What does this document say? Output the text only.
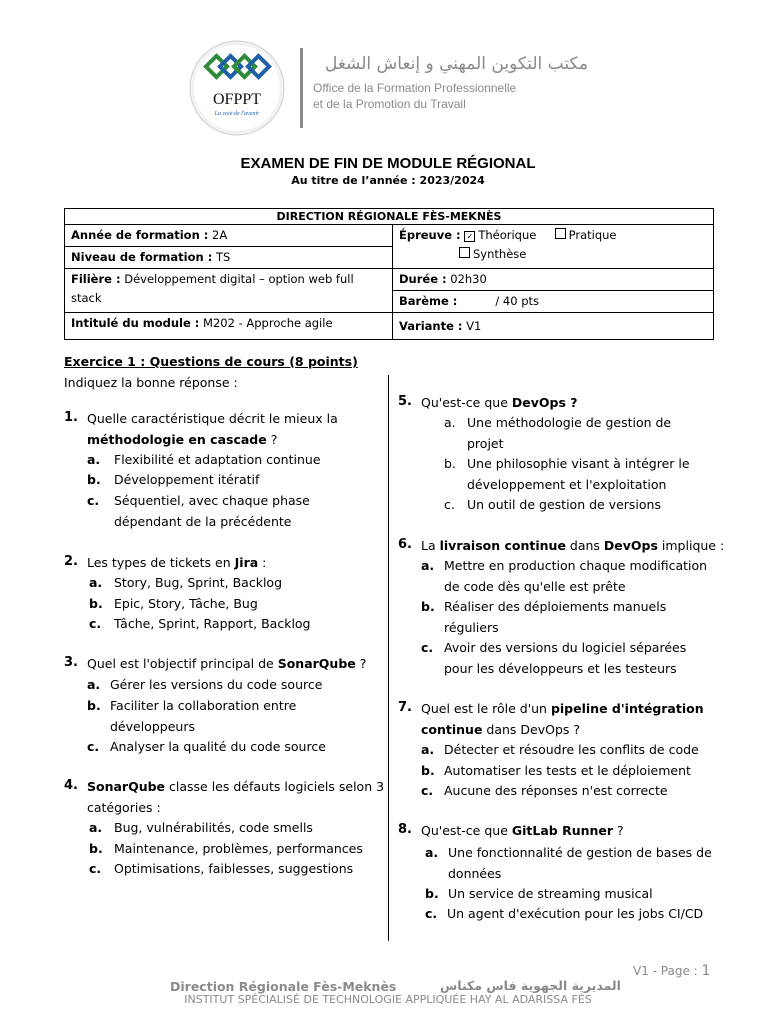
OFPPT
La voie de l'avenir
مكتب التكوين المهني و إنعاش الشغل
Office de la Formation Professionnelle
et de la Promotion du Travail
EXAMEN DE FIN DE MODULE RÉGIONAL
Au titre de l’année : 2023/2024
DIRECTION RÉGIONALE FÈS-MEKNÈS	
Année de formation : 2A	Épreuve : ✓ Théorique Pratique
Synthèse
Niveau de formation : TS	
Filière : Développement digital – option web full stack	Durée : 02h30
	Barème : / 40 pts
Intitulé du module : M202 - Approche agile	Variante : V1
Exercice 1 : Questions de cours (8 points)
Indiquez la bonne réponse :
1. Quelle caractéristique décrit le mieux la
méthodologie en cascade ?
a. Flexibilité et adaptation continue
b. Développement itératif
c. Séquentiel, avec chaque phase
dépendant de la précédente
2. Les types de tickets en Jira :
a. Story, Bug, Sprint, Backlog
b. Epic, Story, Tâche, Bug
c. Tâche, Sprint, Rapport, Backlog
3. Quel est l'objectif principal de SonarQube ?
a. Gérer les versions du code source
b. Faciliter la collaboration entre
développeurs
c. Analyser la qualité du code source
4. SonarQube classe les défauts logiciels selon 3
catégories :
a. Bug, vulnérabilités, code smells
b. Maintenance, problèmes, performances
c. Optimisations, faiblesses, suggestions
5. Qu'est-ce que DevOps ?
a. Une méthodologie de gestion de
projet
b. Une philosophie visant à intégrer le
développement et l'exploitation
c. Un outil de gestion de versions
6. La livraison continue dans DevOps implique :
a. Mettre en production chaque modification
de code dès qu'elle est prête
b. Réaliser des déploiements manuels
réguliers
c. Avoir des versions du logiciel séparées
pour les développeurs et les testeurs
7. Quel est le rôle d'un pipeline d'intégration
continue dans DevOps ?
a. Détecter et résoudre les conflits de code
b. Automatiser les tests et le déploiement
c. Aucune des réponses n'est correcte
8. Qu'est-ce que GitLab Runner ?
a. Une fonctionnalité de gestion de bases de
données
b. Un service de streaming musical
c. Un agent d'exécution pour les jobs CI/CD
V1 - Page : 1
Direction Régionale Fès-Meknès	المديرية الجهوية فاس مكناس
INSTITUT SPÉCIALISÉ DE TECHNOLOGIE APPLIQUÉE HAY AL ADARISSA FÈS
